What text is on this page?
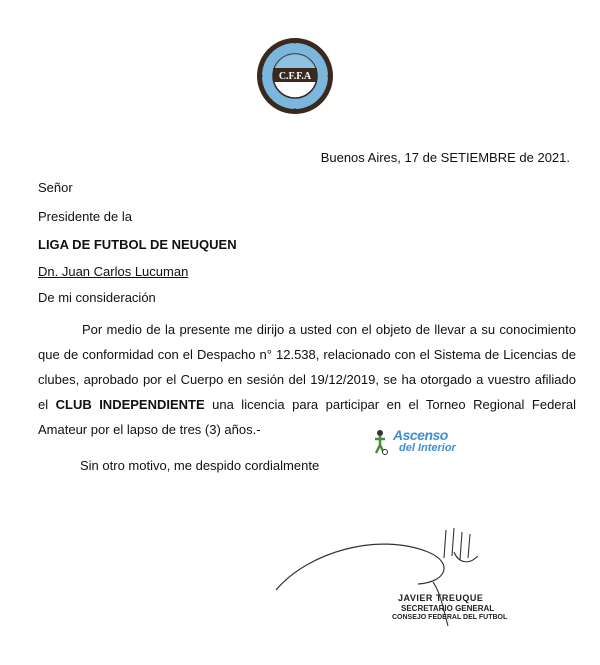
C.F.F.A
Buenos Aires, 17 de SETIEMBRE de 2021.
Señor
Presidente de la
LIGA DE FUTBOL DE NEUQUEN
Dn. Juan Carlos Lucuman
De mi consideración
Por medio de la presente me dirijo a usted con el objeto de llevar a su conocimiento que de conformidad con el Despacho n° 12.538, relacionado con el Sistema de Licencias de clubes, aprobado por el Cuerpo en sesión del 19/12/2019, se ha otorgado a vuestro afiliado el CLUB INDEPENDIENTE una licencia para participar en el Torneo Regional Federal Amateur por el lapso de tres (3) años.-
Sin otro motivo, me despido cordialmente
Ascenso
del Interior
JAVIER TREUQUE
SECRETARIO GENERAL
CONSEJO FEDERAL DEL FUTBOL
